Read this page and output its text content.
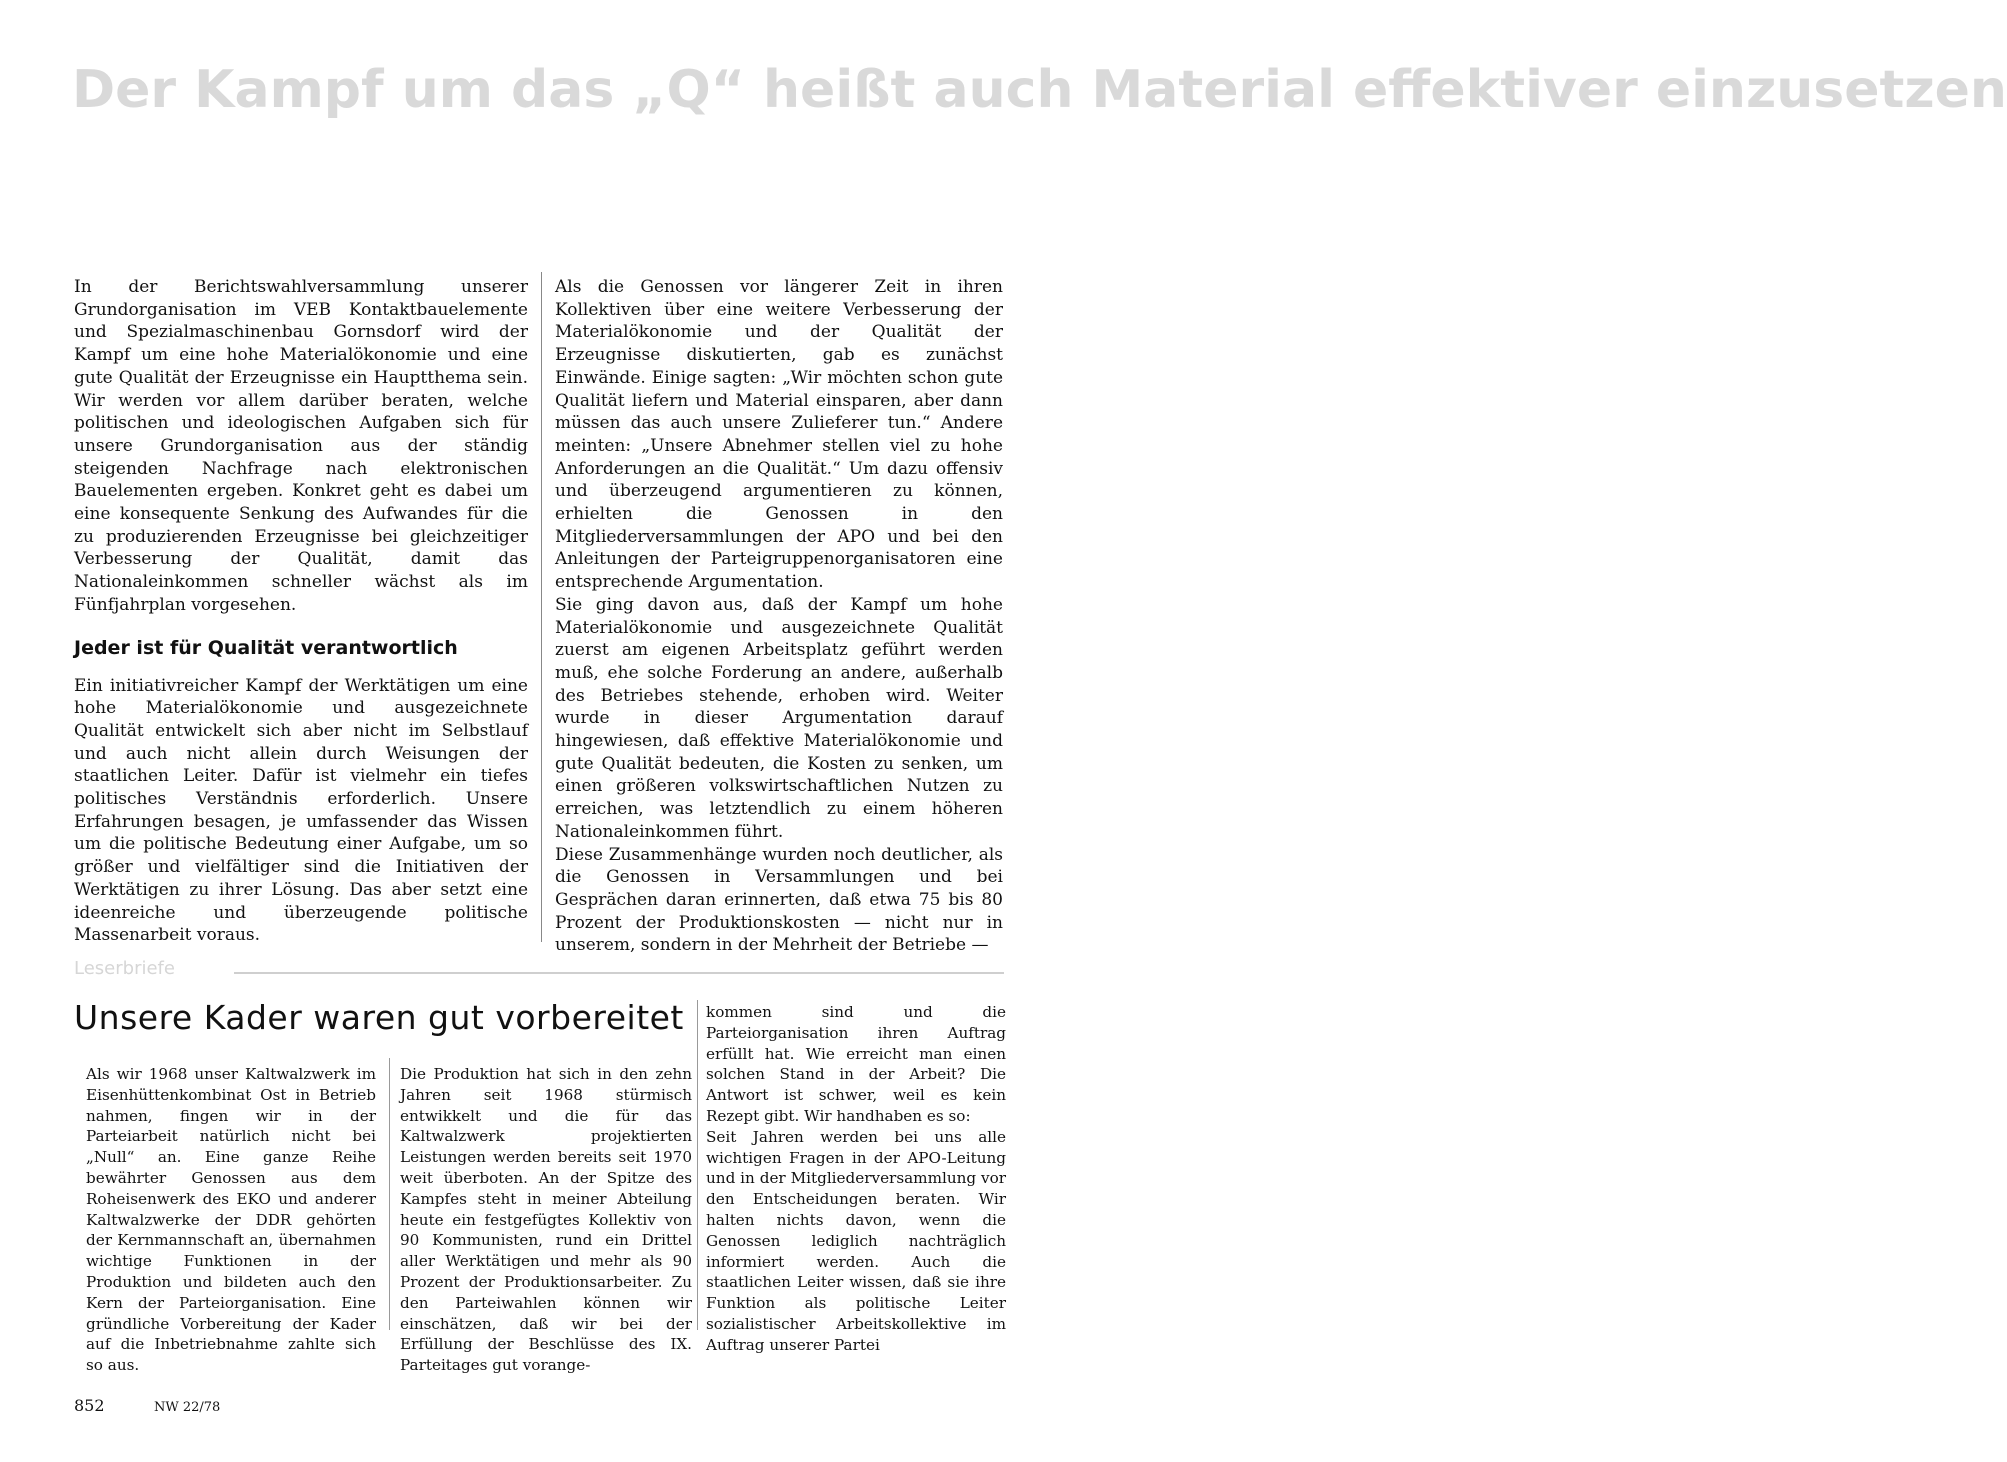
Der Kampf um das „Q“ heißt auch Material effektiver einzusetzen

In der Berichtswahlversammlung unserer Grundorganisation im VEB Kontaktbauelemente und Spezialmaschinenbau Gornsdorf wird der Kampf um eine hohe Materialökonomie und eine gute Qualität der Erzeugnisse ein Hauptthema sein. Wir werden vor allem darüber beraten, welche politischen und ideologischen Aufgaben sich für unsere Grundorganisation aus der ständig steigenden Nachfrage nach elektronischen Bauelementen ergeben. Konkret geht es dabei um eine konsequente Senkung des Aufwandes für die zu produzierenden Erzeugnisse bei gleichzeitiger Verbesserung der Qualität, damit das Nationaleinkommen schneller wächst als im Fünfjahrplan vorgesehen.

Jeder ist für Qualität verantwortlich

Ein initiativreicher Kampf der Werktätigen um eine hohe Materialökonomie und ausgezeichnete Qualität entwickelt sich aber nicht im Selbstlauf und auch nicht allein durch Weisungen der staatlichen Leiter. Dafür ist vielmehr ein tiefes politisches Verständnis erforderlich. Unsere Erfahrungen besagen, je umfassender das Wissen um die politische Bedeutung einer Aufgabe, um so größer und vielfältiger sind die Initiativen der Werktätigen zu ihrer Lösung. Das aber setzt eine ideenreiche und überzeugende politische Massenarbeit voraus.

Als die Genossen vor längerer Zeit in ihren Kollektiven über eine weitere Verbesserung der Materialökonomie und der Qualität der Erzeugnisse diskutierten, gab es zunächst Einwände. Einige sagten: „Wir möchten schon gute Qualität liefern und Material einsparen, aber dann müssen das auch unsere Zulieferer tun.“ Andere meinten: „Unsere Abnehmer stellen viel zu hohe Anforderungen an die Qualität.“ Um dazu offensiv und überzeugend argumentieren zu können, erhielten die Genossen in den Mitgliederversammlungen der APO und bei den Anleitungen der Parteigruppenorganisatoren eine entsprechende Argumentation.

Sie ging davon aus, daß der Kampf um hohe Materialökonomie und ausgezeichnete Qualität zuerst am eigenen Arbeitsplatz geführt werden muß, ehe solche Forderung an andere, außerhalb des Betriebes stehende, erhoben wird. Weiter wurde in dieser Argumentation darauf hingewiesen, daß effektive Materialökonomie und gute Qualität bedeuten, die Kosten zu senken, um einen größeren volkswirtschaftlichen Nutzen zu erreichen, was letztendlich zu einem höheren Nationaleinkommen führt.

Diese Zusammenhänge wurden noch deutlicher, als die Genossen in Versammlungen und bei Gesprächen daran erinnerten, daß etwa 75 bis 80 Prozent der Produktionskosten — nicht nur in unserem, sondern in der Mehrheit der Betriebe —

Leserbriefe
Unsere Kader waren gut vorbereitet

Als wir 1968 unser Kaltwalzwerk im Eisenhüttenkombinat Ost in Betrieb nahmen, fingen wir in der Parteiarbeit natürlich nicht bei „Null“ an. Eine ganze Reihe bewährter Genossen aus dem Roheisenwerk des EKO und anderer Kaltwalzwerke der DDR gehörten der Kernmannschaft an, übernahmen wichtige Funktionen in der Produktion und bildeten auch den Kern der Parteiorganisation. Eine gründliche Vorbereitung der Kader auf die Inbetriebnahme zahlte sich so aus.

Die Produktion hat sich in den zehn Jahren seit 1968 stürmisch entwikkelt und die für das Kaltwalzwerk projektierten Leistungen werden bereits seit 1970 weit überboten. An der Spitze des Kampfes steht in meiner Abteilung heute ein festgefügtes Kollektiv von 90 Kommunisten, rund ein Drittel aller Werktätigen und mehr als 90 Prozent der Produktionsarbeiter. Zu den Parteiwahlen können wir einschätzen, daß wir bei der Erfüllung der Beschlüsse des IX. Parteitages gut vorange-

kommen sind und die Parteiorganisation ihren Auftrag erfüllt hat. Wie erreicht man einen solchen Stand in der Arbeit? Die Antwort ist schwer, weil es kein Rezept gibt. Wir handhaben es so:

Seit Jahren werden bei uns alle wichtigen Fragen in der APO-Leitung und in der Mitgliederversammlung vor den Entscheidungen beraten. Wir halten nichts davon, wenn die Genossen lediglich nachträglich informiert werden. Auch die staatlichen Leiter wissen, daß sie ihre Funktion als politische Leiter sozialistischer Arbeitskollektive im Auftrag unserer Partei

852	NW 22/78
